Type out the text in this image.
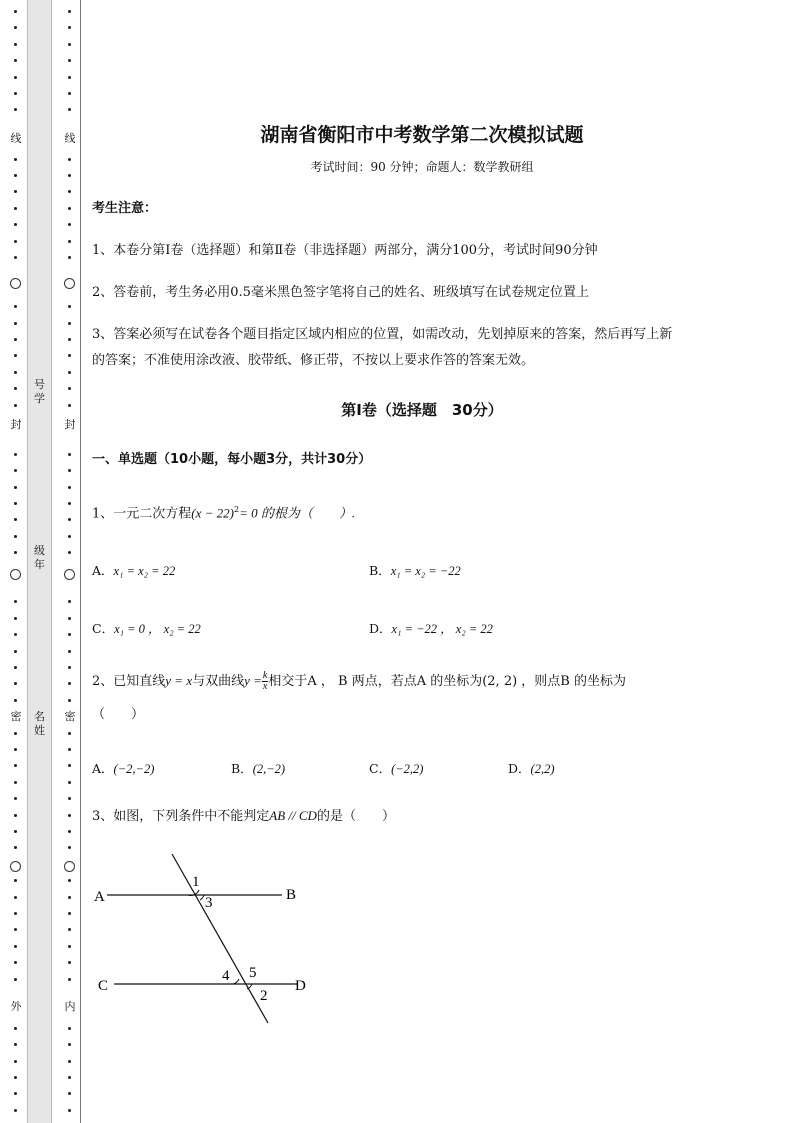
线
封
密
外
号
学
级
年
名
姓
线
封
密
内
湖南省衡阳市中考数学第二次模拟试题
考试时间：90 分钟；命题人：数学教研组
考生注意：
1、本卷分第Ⅰ卷（选择题）和第Ⅱ卷（非选择题）两部分，满分100分，考试时间90分钟
2、答卷前，考生务必用0.5毫米黑色签字笔将自己的姓名、班级填写在试卷规定位置上
3、答案必须写在试卷各个题目指定区域内相应的位置，如需改动，先划掉原来的答案，然后再写上新
的答案；不准使用涂改液、胶带纸、修正带，不按以上要求作答的答案无效。
第Ⅰ卷（选择题　30分）
一、单选题（10小题，每小题3分，共计30分）
1、一元二次方程$(x - 22)^2= 0$ 的根为（　　）.
A．x₁ = x₂ = 22	B．x₁ = x₂ = −22
C．x₁ = 0 ， x₂ = 22	D．x₁ = −22 ， x₂ = 22
2、已知直线y = x与双曲线$y = \frac{k}{x}$ 相交于A ， B 两点，若点A 的坐标为(2, 2) ，则点B 的坐标为
（　　）
A．(−2,−2)	B．(2,−2)	C．(−2,2)	D．(2,2)
3、如图，下列条件中不能判定AB // CD的是（　　）
A	B
C	D
1
3
4 5
2
